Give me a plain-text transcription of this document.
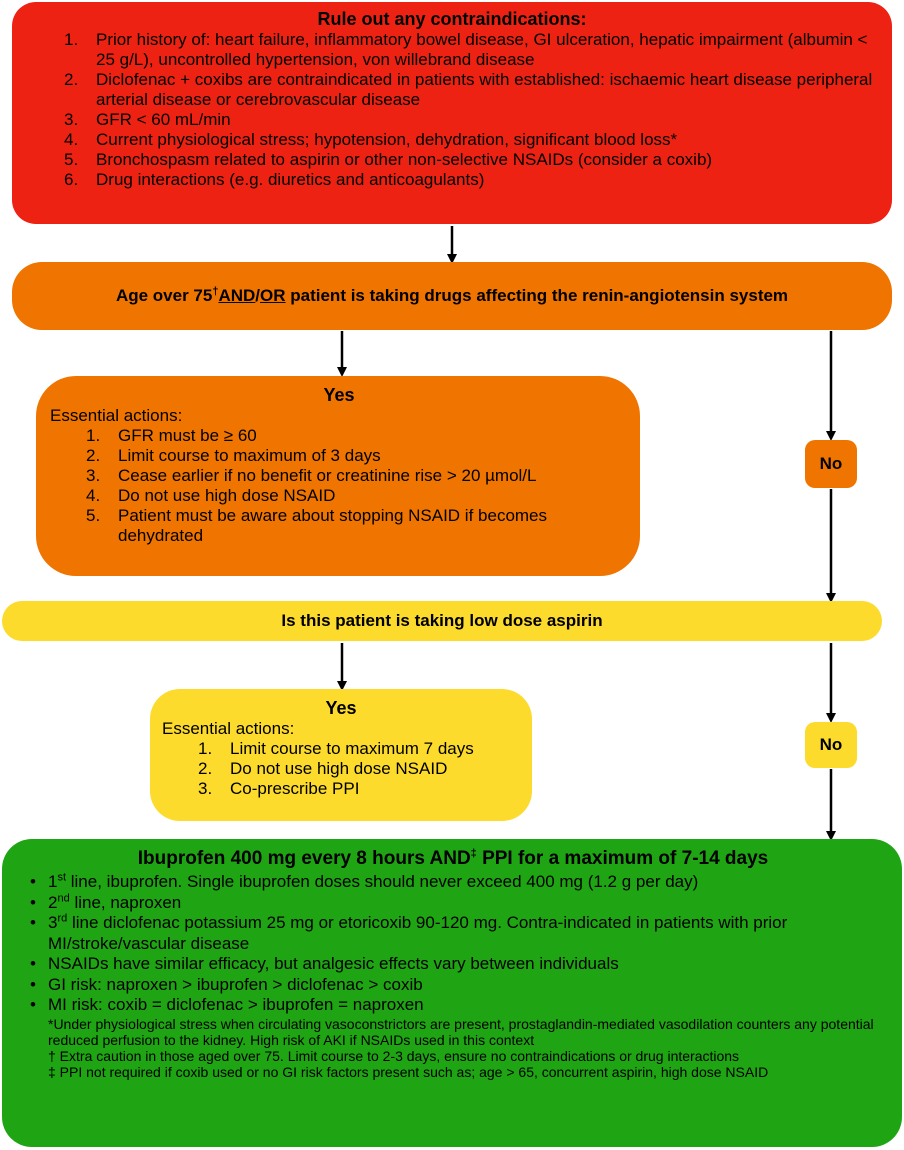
Rule out any contraindications:
1.	Prior history of: heart failure, inflammatory bowel disease, GI ulceration, hepatic impairment (albumin < 25 g/L), uncontrolled hypertension, von willebrand disease
2.	Diclofenac + coxibs are contraindicated in patients with established: ischaemic heart disease peripheral arterial disease or cerebrovascular disease
3.	GFR < 60 mL/min
4.	Current physiological stress; hypotension, dehydration, significant blood loss*
5.	Bronchospasm related to aspirin or other non-selective NSAIDs (consider a coxib)
6.	Drug interactions (e.g. diuretics and anticoagulants)
Age over 75†AND/OR patient is taking drugs affecting the renin-angiotensin system
Yes
Essential actions:
1.	GFR must be ≥ 60
2.	Limit course to maximum of 3 days
3.	Cease earlier if no benefit or creatinine rise > 20 µmol/L
4.	Do not use high dose NSAID
5.	Patient must be aware about stopping NSAID if becomes dehydrated
No
Is this patient is taking low dose aspirin
Yes
Essential actions:
1.	Limit course to maximum 7 days
2.	Do not use high dose NSAID
3.	Co-prescribe PPI
No
Ibuprofen 400 mg every 8 hours AND‡ PPI for a maximum of 7-14 days
• 1st line, ibuprofen. Single ibuprofen doses should never exceed 400 mg (1.2 g per day)
• 2nd line, naproxen
• 3rd line diclofenac potassium 25 mg or etoricoxib 90-120 mg. Contra-indicated in patients with prior MI/stroke/vascular disease
• NSAIDs have similar efficacy, but analgesic effects vary between individuals
• GI risk: naproxen > ibuprofen > diclofenac > coxib
• MI risk: coxib = diclofenac > ibuprofen = naproxen
*Under physiological stress when circulating vasoconstrictors are present, prostaglandin-mediated vasodilation counters any potential reduced perfusion to the kidney. High risk of AKI if NSAIDs used in this context
† Extra caution in those aged over 75. Limit course to 2-3 days, ensure no contraindications or drug interactions
‡ PPI not required if coxib used or no GI risk factors present such as; age > 65, concurrent aspirin, high dose NSAID
